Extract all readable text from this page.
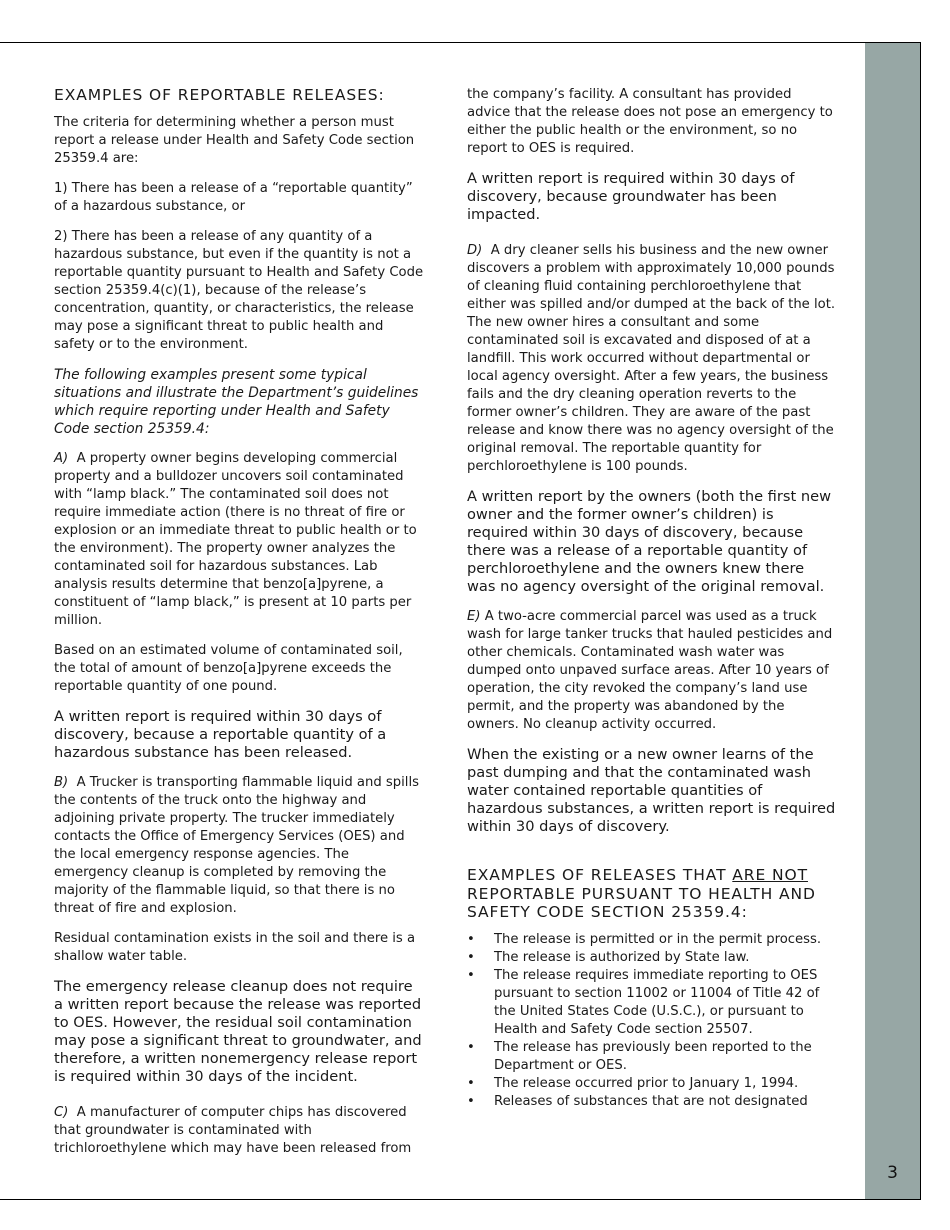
3
EXAMPLES OF REPORTABLE RELEASES:

The criteria for determining whether a person must report a release under Health and Safety Code section 25359.4 are:

1) There has been a release of a “reportable quantity” of a hazardous substance, or

2) There has been a release of any quantity of a hazardous substance, but even if the quantity is not a reportable quantity pursuant to Health and Safety Code section 25359.4(c)(1), because of the release’s concentration, quantity, or characteristics, the release may pose a significant threat to public health and safety or to the environment.

The following examples present some typical situations and illustrate the Department’s guidelines which require reporting under Health and Safety Code section 25359.4:

A) A property owner begins developing commercial property and a bulldozer uncovers soil contaminated with “lamp black.” The contaminated soil does not require immediate action (there is no threat of fire or explosion or an immediate threat to public health or to the environment). The property owner analyzes the contaminated soil for hazardous substances. Lab analysis results determine that benzo[a]pyrene, a constituent of “lamp black,” is present at 10 parts per million.

Based on an estimated volume of contaminated soil, the total of amount of benzo[a]pyrene exceeds the reportable quantity of one pound.

A written report is required within 30 days of discovery, because a reportable quantity of a hazardous substance has been released.

B) A Trucker is transporting flammable liquid and spills the contents of the truck onto the highway and adjoining private property. The trucker immediately contacts the Office of Emergency Services (OES) and the local emergency response agencies. The emergency cleanup is completed by removing the majority of the flammable liquid, so that there is no threat of fire and explosion.

Residual contamination exists in the soil and there is a shallow water table.

The emergency release cleanup does not require a written report because the release was reported to OES. However, the residual soil contamination may pose a significant threat to groundwater, and therefore, a written nonemergency release report is required within 30 days of the incident.

C) A manufacturer of computer chips has discovered that groundwater is contaminated with trichloroethylene which may have been released from

the company’s facility. A consultant has provided advice that the release does not pose an emergency to either the public health or the environment, so no report to OES is required.

A written report is required within 30 days of discovery, because groundwater has been impacted.

D) A dry cleaner sells his business and the new owner discovers a problem with approximately 10,000 pounds of cleaning fluid containing perchloroethylene that either was spilled and/or dumped at the back of the lot. The new owner hires a consultant and some contaminated soil is excavated and disposed of at a landfill. This work occurred without departmental or local agency oversight. After a few years, the business fails and the dry cleaning operation reverts to the former owner’s children. They are aware of the past release and know there was no agency oversight of the original removal. The reportable quantity for perchloroethylene is 100 pounds.

A written report by the owners (both the first new owner and the former owner’s children) is required within 30 days of discovery, because there was a release of a reportable quantity of perchloroethylene and the owners knew there was no agency oversight of the original removal.

E) A two-acre commercial parcel was used as a truck wash for large tanker trucks that hauled pesticides and other chemicals. Contaminated wash water was dumped onto unpaved surface areas. After 10 years of operation, the city revoked the company’s land use permit, and the property was abandoned by the owners. No cleanup activity occurred.

When the existing or a new owner learns of the past dumping and that the contaminated wash water contained reportable quantities of hazardous substances, a written report is required within 30 days of discovery.

EXAMPLES OF RELEASES THAT ARE NOT REPORTABLE PURSUANT TO HEALTH AND SAFETY CODE SECTION 25359.4:
• The release is permitted or in the permit process.
• The release is authorized by State law.
• The release requires immediate reporting to OES pursuant to section 11002 or 11004 of Title 42 of the United States Code (U.S.C.), or pursuant to Health and Safety Code section 25507.
• The release has previously been reported to the Department or OES.
• The release occurred prior to January 1, 1994.
• Releases of substances that are not designated
